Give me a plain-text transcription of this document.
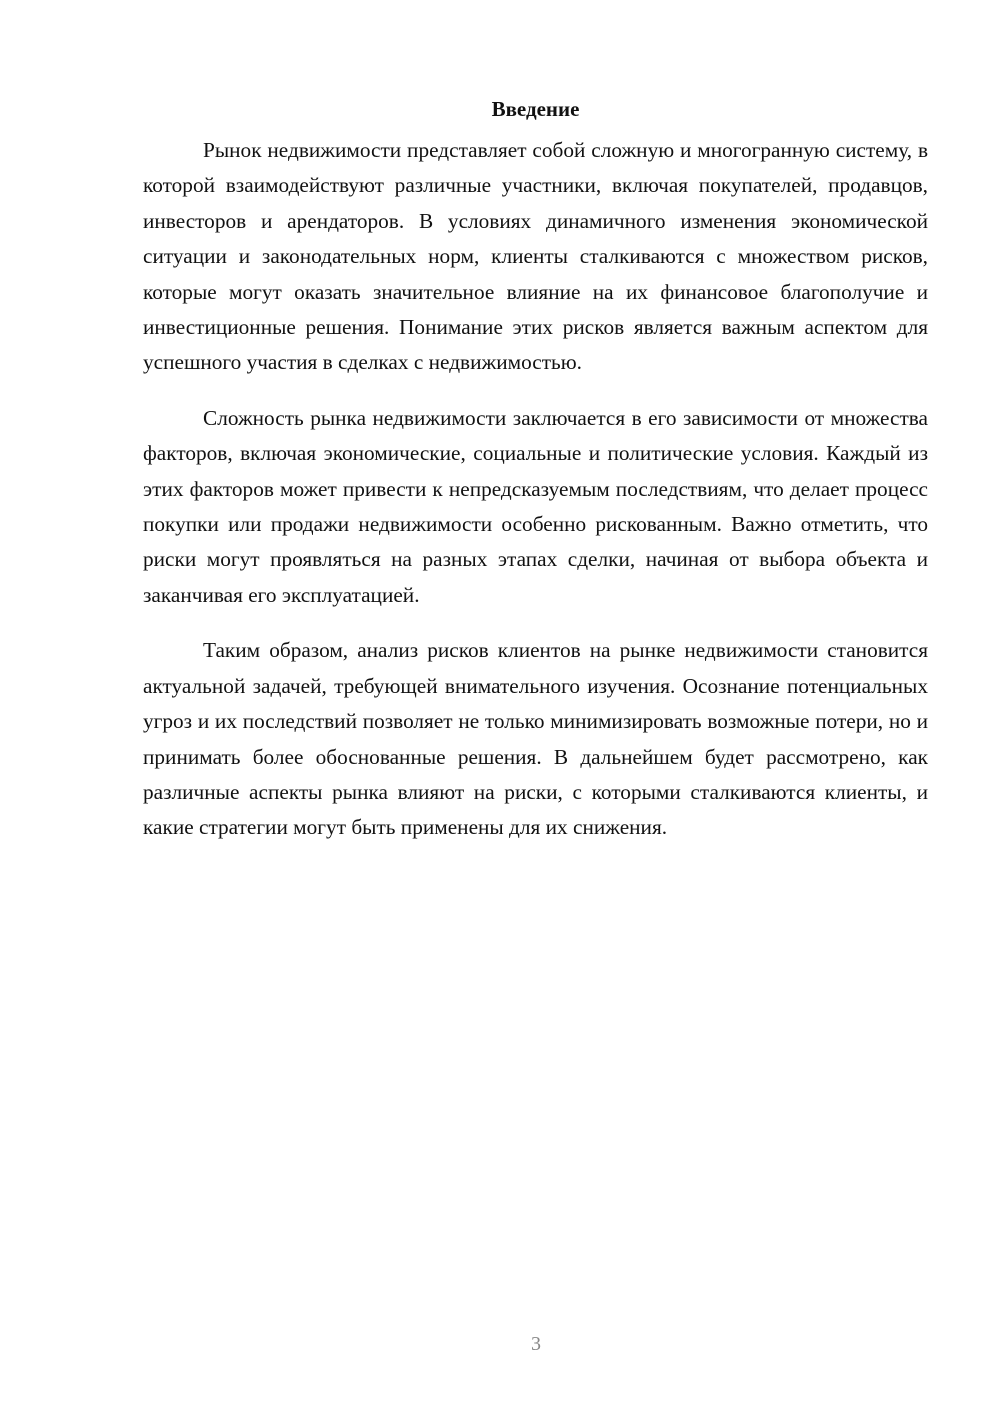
Введение

Рынок недвижимости представляет собой сложную и многогранную систему, в которой взаимодействуют различные участники, включая покупателей, продавцов, инвесторов и арендаторов. В условиях динамичного изменения экономической ситуации и законодательных норм, клиенты сталкиваются с множеством рисков, которые могут оказать значительное влияние на их финансовое благополучие и инвестиционные решения. Понимание этих рисков является важным аспектом для успешного участия в сделках с недвижимостью.

Сложность рынка недвижимости заключается в его зависимости от множества факторов, включая экономические, социальные и политические условия. Каждый из этих факторов может привести к непредсказуемым последствиям, что делает процесс покупки или продажи недвижимости особенно рискованным. Важно отметить, что риски могут проявляться на разных этапах сделки, начиная от выбора объекта и заканчивая его эксплуатацией.

Таким образом, анализ рисков клиентов на рынке недвижимости становится актуальной задачей, требующей внимательного изучения. Осознание потенциальных угроз и их последствий позволяет не только минимизировать возможные потери, но и принимать более обоснованные решения. В дальнейшем будет рассмотрено, как различные аспекты рынка влияют на риски, с которыми сталкиваются клиенты, и какие стратегии могут быть применены для их снижения.

3
